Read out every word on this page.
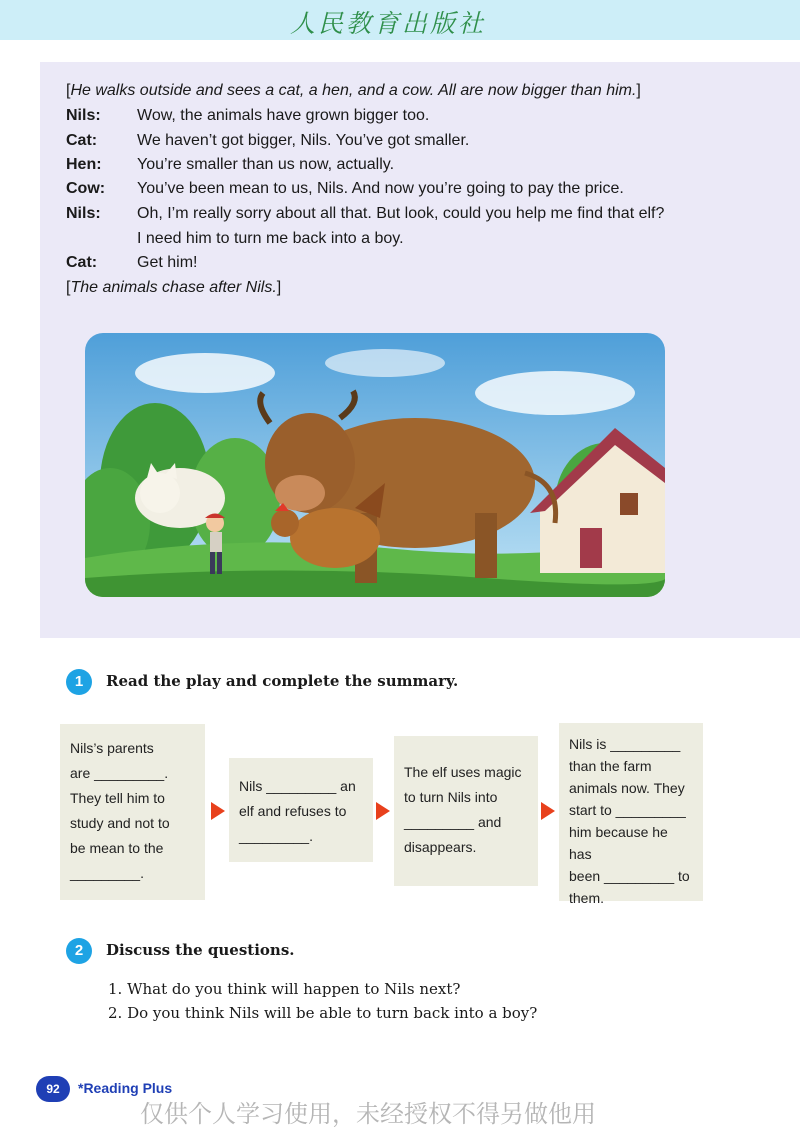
人民教育出版社
[He walks outside and sees a cat, a hen, and a cow. All are now bigger than him.]
Nils: Wow, the animals have grown bigger too.
Cat: We haven’t got bigger, Nils. You’ve got smaller.
Hen: You’re smaller than us now, actually.
Cow: You’ve been mean to us, Nils. And now you’re going to pay the price.
Nils: Oh, I’m really sorry about all that. But look, could you help me find that elf?
I need him to turn me back into a boy.
Cat: Get him!
[The animals chase after Nils.]
1	Read the play and complete the summary.
Nils’s parents
are _________.
They tell him to
study and not to
be mean to the
_________.
Nils _________ an
elf and refuses to
_________.
The elf uses magic
to turn Nils into
_________ and
disappears.
Nils is _________
than the farm
animals now. They
start to _________
him because he has
been _________ to
them.
2	Discuss the questions.
1. What do you think will happen to Nils next?
2. Do you think Nils will be able to turn back into a boy?
92	*Reading Plus
仅供个人学习使用，未经授权不得另做他用
